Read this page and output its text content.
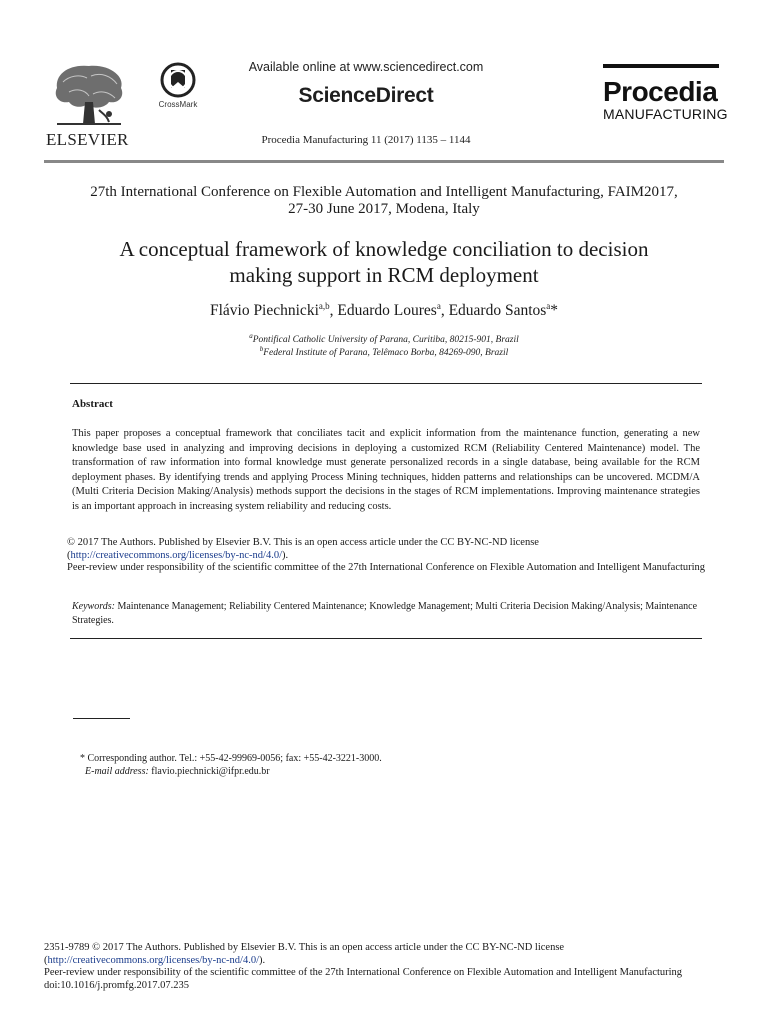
ELSEVIER
CrossMark
Available online at www.sciencedirect.com
ScienceDirect
Procedia Manufacturing 11 (2017) 1135 – 1144
Procedia
MANUFACTURING
27th International Conference on Flexible Automation and Intelligent Manufacturing, FAIM2017,
27-30 June 2017, Modena, Italy
A conceptual framework of knowledge conciliation to decision
making support in RCM deployment
Flávio Piechnicki$^{a,b}$, Eduardo Loures$^a$, Eduardo Santos$^a$*
$^a$Pontifical Catholic University of Parana, Curitiba, 80215-901, Brazil
$^b$Federal Institute of Parana, Telêmaco Borba, 84269-090, Brazil
Abstract
This paper proposes a conceptual framework that conciliates tacit and explicit information from the maintenance function, generating a new knowledge base used in analyzing and improving decisions in deploying a customized RCM (Reliability Centered Maintenance) model. The transformation of raw information into formal knowledge must generate personalized records in a single database, being available for the RCM deployment phases. By identifying trends and applying Process Mining techniques, hidden patterns and relationships can be uncovered. MCDM/A (Multi Criteria Decision Making/Analysis) methods support the decisions in the stages of RCM implementations. Improving maintenance strategies is an important approach in increasing system reliability and reducing costs.
© 2017 The Authors. Published by Elsevier B.V. This is an open access article under the CC BY-NC-ND license
(http://creativecommons.org/licenses/by-nc-nd/4.0/).
Peer-review under responsibility of the scientific committee of the 27th International Conference on Flexible Automation and Intelligent Manufacturing
Keywords: Maintenance Management; Reliability Centered Maintenance; Knowledge Management; Multi Criteria Decision Making/Analysis; Maintenance Strategies.
* Corresponding author. Tel.: +55-42-99969-0056; fax: +55-42-3221-3000.
E-mail address: flavio.piechnicki@ifpr.edu.br
2351-9789 © 2017 The Authors. Published by Elsevier B.V. This is an open access article under the CC BY-NC-ND license
(http://creativecommons.org/licenses/by-nc-nd/4.0/).
Peer-review under responsibility of the scientific committee of the 27th International Conference on Flexible Automation and Intelligent Manufacturing
doi:10.1016/j.promfg.2017.07.235
